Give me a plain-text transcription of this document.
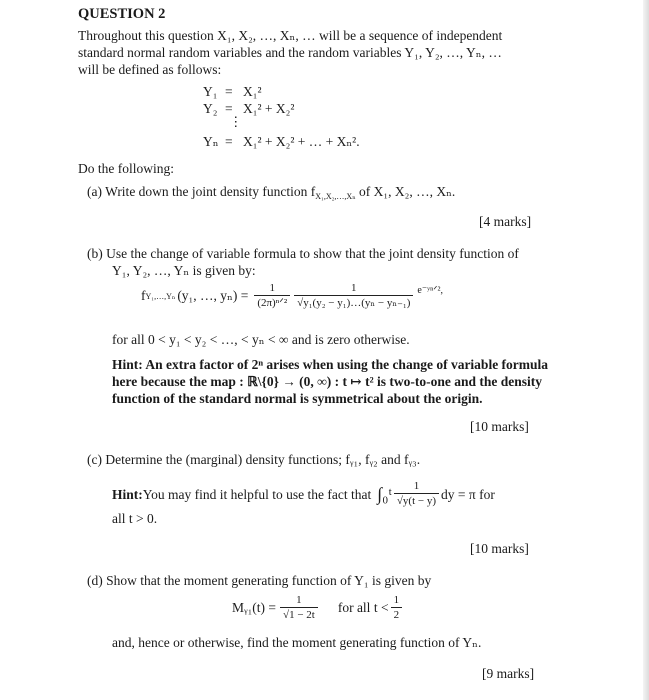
QUESTION 2
Throughout this question X₁, X₂, …, Xₙ, … will be a sequence of independent
standard normal random variables and the random variables Y₁, Y₂, …, Yₙ, …
will be defined as follows:
Y₁ = X₁²
Y₂ = X₁² + X₂²
⋮
Yₙ = X₁² + X₂² + … + Xₙ².
Do the following:
(a) Write down the joint density function $f_{X_1,X_2,\dots,X_n}$ of X₁, X₂, …, Xₙ.
[4 marks]
(b) Use the change of variable formula to show that the joint density function of
Y₁, Y₂, …, Yₙ is given by:
f Y₁,…,Yₙ (y₁, …, $y_n) = \frac{1}{\text{(2π)ⁿᐟ²}} \frac{1}{\text{√y₁(y₂ − y₁)…(yₙ − yₙ₋₁)}}$ e⁻ʸⁿᐟ²,
for all 0 < y₁ < y₂ < …, < yₙ < ∞ and is zero otherwise.
Hint: An extra factor of 2ⁿ arises when using the change of variable formula
here because the map : ℝ\{0} → (0, ∞) : t ↦ t² is two-to-one and the density
function of the standard normal is symmetrical about the origin.
[10 marks]
(c) Determine the (marginal) density functions; fᵧ₁, fᵧ₂ and fᵧ₃.
Hint: You may find it helpful to use the fact that ∫₀ᵗ $\frac{1}{√y(t - y)}$ dy = π for
all t > 0.
[10 marks]
(d) Show that the moment generating function of Y₁ is given by
Mᵧ₁(t) = $\frac{1}{√1 - 2t}$ for all $t < \frac{1}{2}$
and, hence or otherwise, find the moment generating function of Yₙ.
[9 marks]
